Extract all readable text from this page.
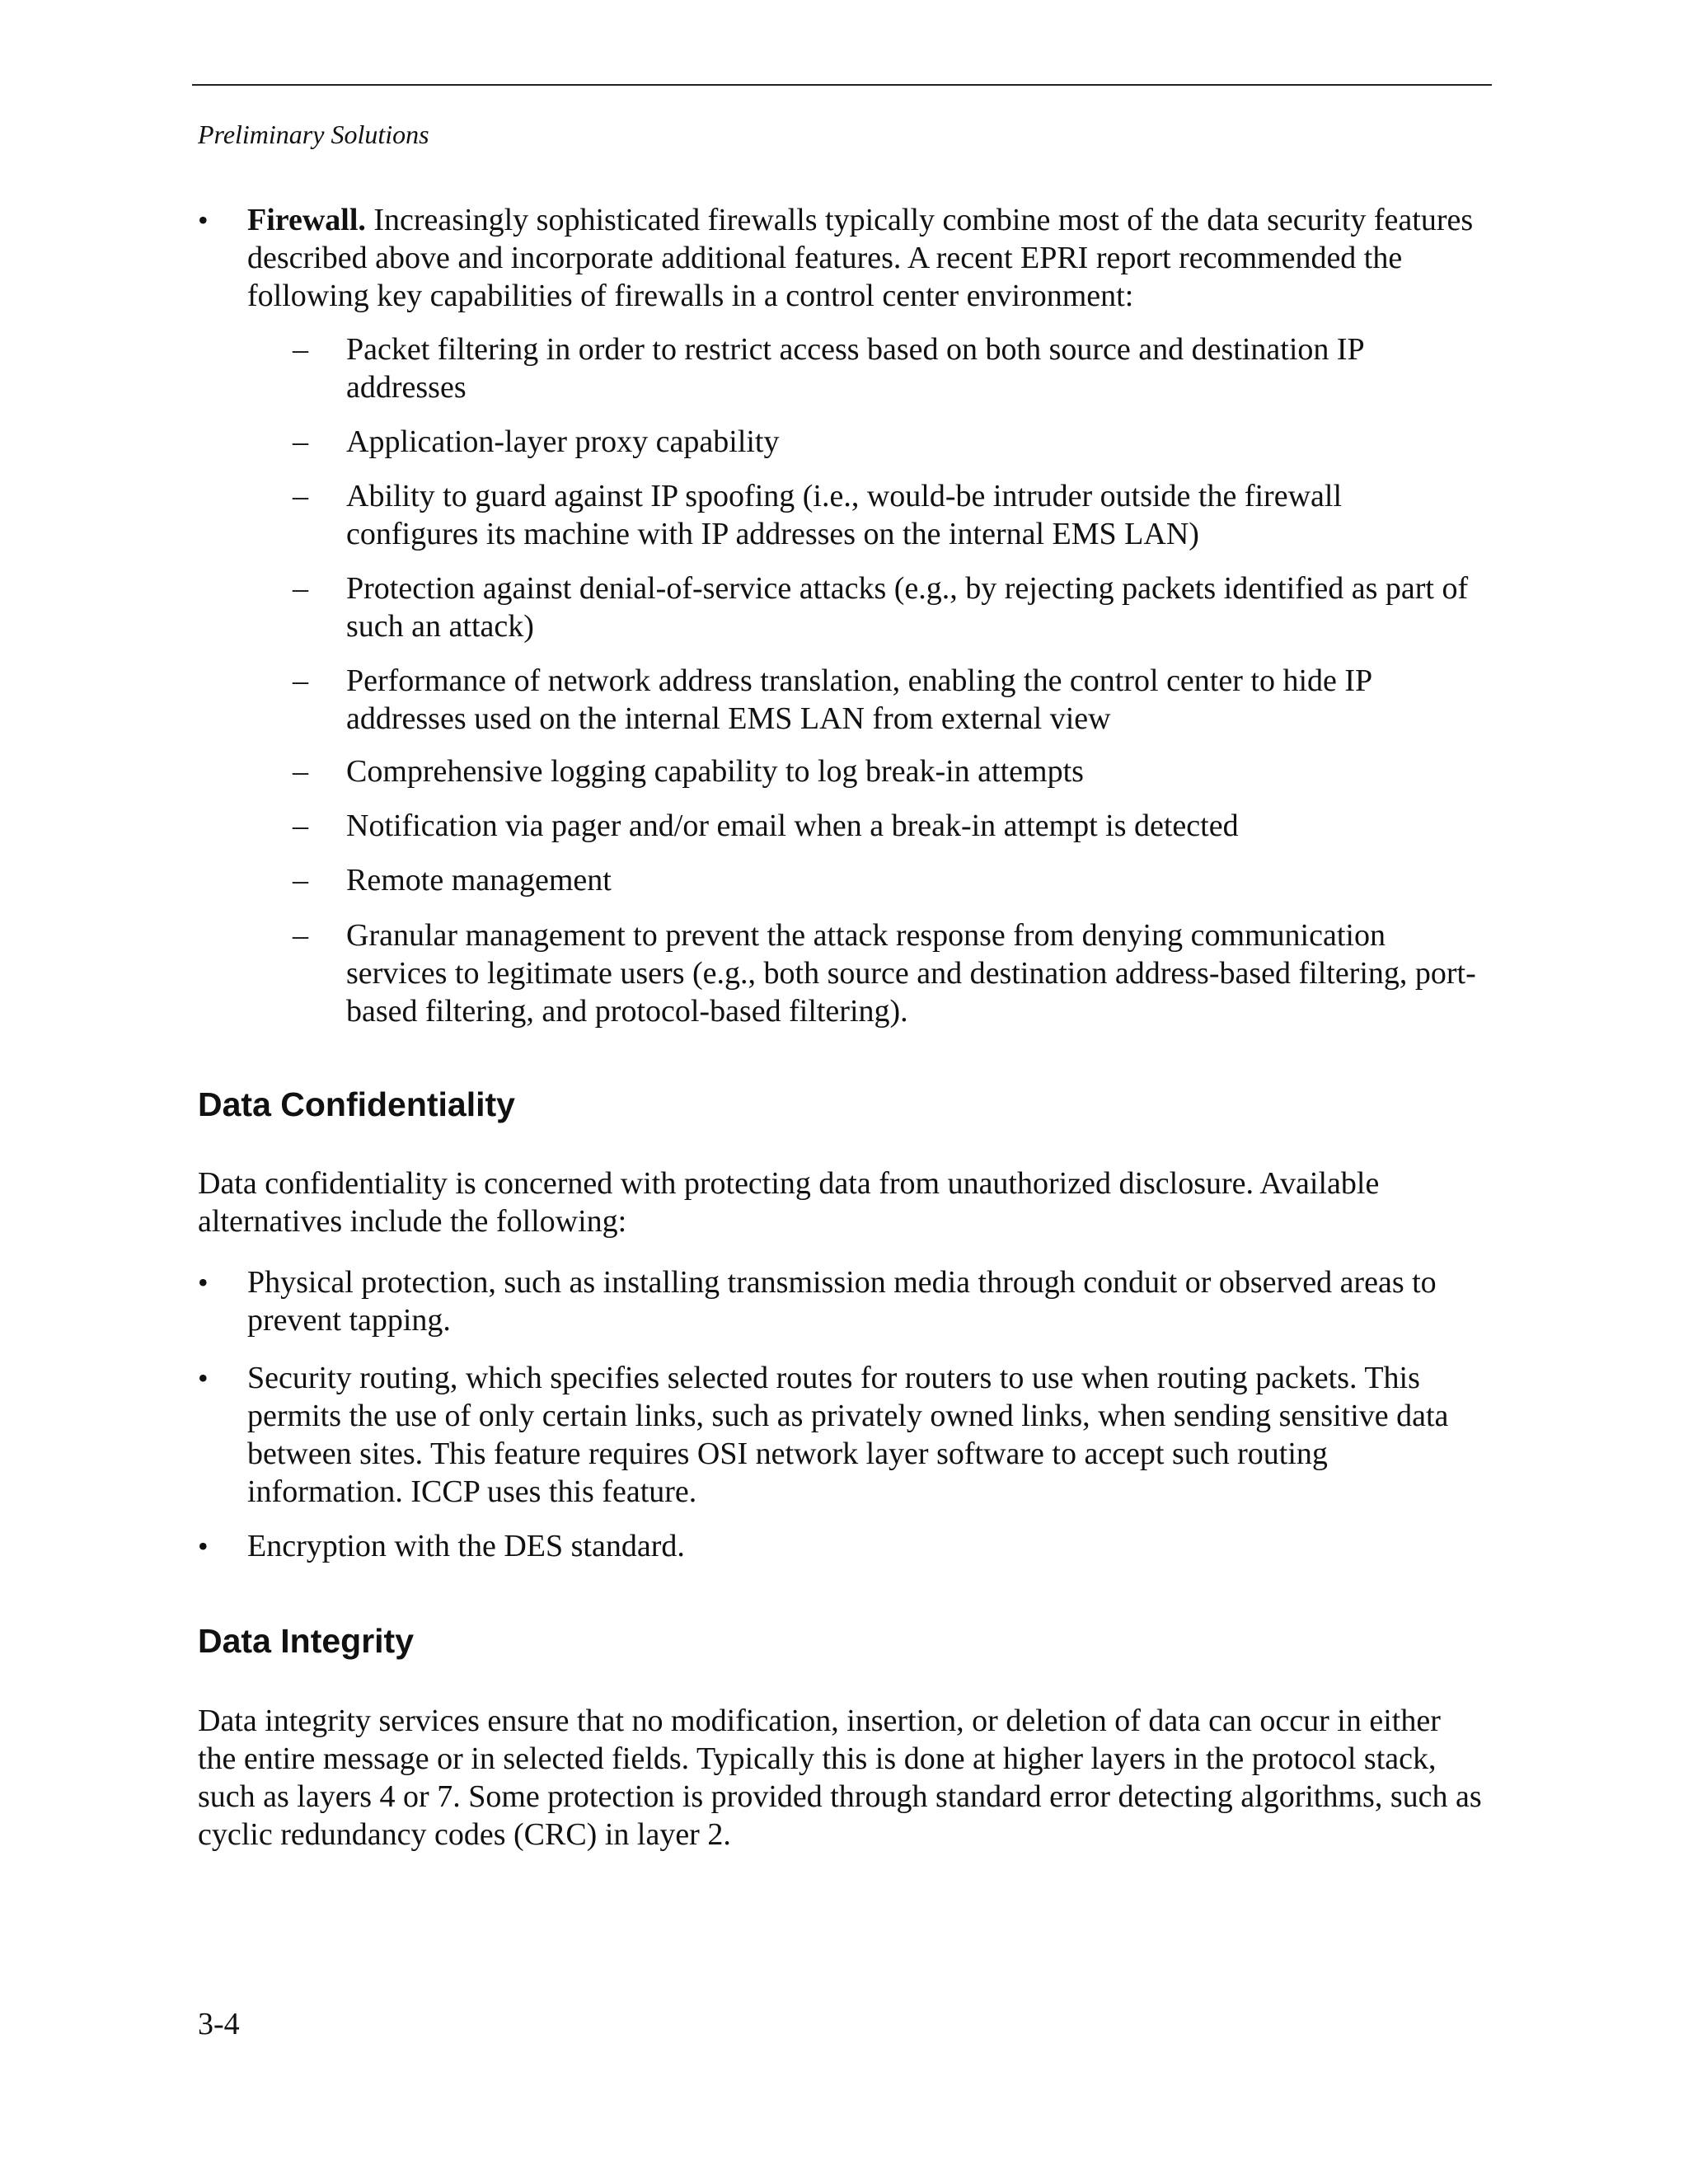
Preliminary Solutions
•	Firewall. Increasingly sophisticated firewalls typically combine most of the data security features described above and incorporate additional features. A recent EPRI report recommended the following key capabilities of firewalls in a control center environment:
–	Packet filtering in order to restrict access based on both source and destination IP addresses
–	Application-layer proxy capability
–	Ability to guard against IP spoofing (i.e., would-be intruder outside the firewall configures its machine with IP addresses on the internal EMS LAN)
–	Protection against denial-of-service attacks (e.g., by rejecting packets identified as part of such an attack)
–	Performance of network address translation, enabling the control center to hide IP addresses used on the internal EMS LAN from external view
–	Comprehensive logging capability to log break-in attempts
–	Notification via pager and/or email when a break-in attempt is detected
–	Remote management
–	Granular management to prevent the attack response from denying communication services to legitimate users (e.g., both source and destination address-based filtering, port-based filtering, and protocol-based filtering).
Data Confidentiality
Data confidentiality is concerned with protecting data from unauthorized disclosure. Available alternatives include the following:
•	Physical protection, such as installing transmission media through conduit or observed areas to prevent tapping.
•	Security routing, which specifies selected routes for routers to use when routing packets. This permits the use of only certain links, such as privately owned links, when sending sensitive data between sites. This feature requires OSI network layer software to accept such routing information. ICCP uses this feature.
•	Encryption with the DES standard.
Data Integrity
Data integrity services ensure that no modification, insertion, or deletion of data can occur in either the entire message or in selected fields. Typically this is done at higher layers in the protocol stack, such as layers 4 or 7. Some protection is provided through standard error detecting algorithms, such as cyclic redundancy codes (CRC) in layer 2.
3-4
